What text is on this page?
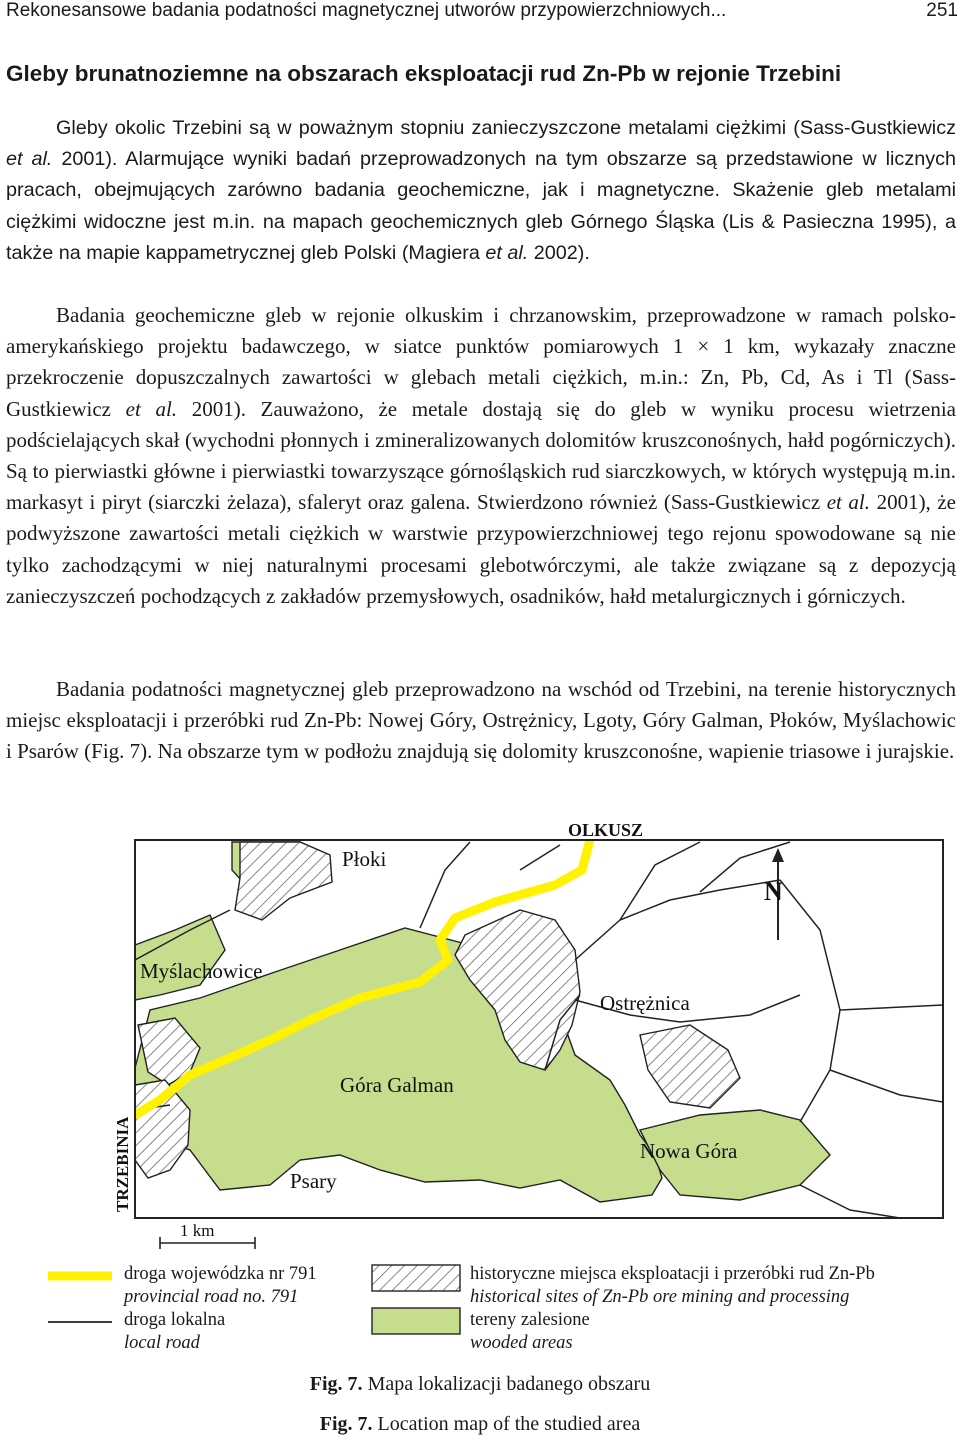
Rekonesansowe badania podatności magnetycznej utworów przypowierzchniowych...	251
Gleby brunatnoziemne na obszarach eksploatacji rud Zn-Pb w rejonie Trzebini

Gleby okolic Trzebini są w poważnym stopniu zanieczyszczone metalami ciężkimi (Sass-Gustkiewicz et al. 2001). Alarmujące wyniki badań przeprowadzonych na tym obszarze są przedstawione w licznych pracach, obejmujących zarówno badania geochemiczne, jak i magnetyczne. Skażenie gleb metalami ciężkimi widoczne jest m.in. na mapach geochemicznych gleb Górnego Śląska (Lis & Pasieczna 1995), a także na mapie kappametrycznej gleb Polski (Magiera et al. 2002).

Badania geochemiczne gleb w rejonie olkuskim i chrzanowskim, przeprowadzone w ramach polsko-amerykańskiego projektu badawczego, w siatce punktów pomiarowych 1 × 1 km, wykazały znaczne przekroczenie dopuszczalnych zawartości w glebach metali ciężkich, m.in.: Zn, Pb, Cd, As i Tl (Sass-Gustkiewicz et al. 2001). Zauważono, że metale dostają się do gleb w wyniku procesu wietrzenia podścielających skał (wychodni płonnych i zmineralizowanych dolomitów kruszconośnych, hałd pogórniczych). Są to pierwiastki główne i pierwiastki towarzyszące górnośląskich rud siarczkowych, w których występują m.in. markasyt i piryt (siarczki żelaza), sfaleryt oraz galena. Stwierdzono również (Sass-Gustkiewicz et al. 2001), że podwyższone zawartości metali ciężkich w warstwie przypowierzchniowej tego rejonu spowodowane są nie tylko zachodzącymi w niej naturalnymi procesami glebotwórczymi, ale także związane są z depozycją zanieczyszczeń pochodzących z zakładów przemysłowych, osadników, hałd metalurgicznych i górniczych.

Badania podatności magnetycznej gleb przeprowadzono na wschód od Trzebini, na terenie historycznych miejsc eksploatacji i przeróbki rud Zn-Pb: Nowej Góry, Ostrężnicy, Lgoty, Góry Galman, Płoków, Myślachowic i Psarów (Fig. 7). Na obszarze tym w podłożu znajdują się dolomity kruszconośne, wapienie triasowe i jurajskie.

OLKUSZ
Płoki
Myślachowice
Ostrężnica
Góra Galman
Nowa Góra
Psary
N
1 km
TRZEBINIA
droga wojewódzka nr 791
provincial road no. 791
droga lokalna
local road
historyczne miejsca eksploatacji i przeróbki rud Zn-Pb
historical sites of Zn-Pb ore mining and processing
tereny zalesione
wooded areas
Fig. 7. Mapa lokalizacji badanego obszaru
Fig. 7. Location map of the studied area
